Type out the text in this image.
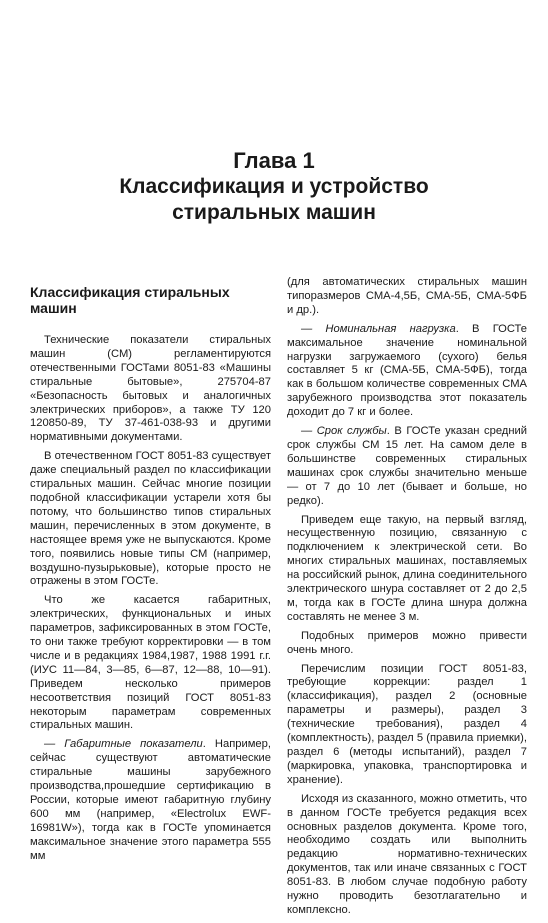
Глава 1
Классификация и устройство стиральных машин
Классификация стиральных машин

Технические показатели стиральных машин (СМ) регламентируются отечественными ГОСТами 8051-83 «Машины стиральные бытовые», 275704-87 «Безопасность бытовых и аналогичных электрических приборов», а также ТУ 120 120850-89, ТУ 37-461-038-93 и другими нормативными документами.

В отечественном ГОСТ 8051-83 существует даже специальный раздел по классификации стиральных машин. Сейчас многие позиции подобной классификации устарели хотя бы потому, что большинство типов стиральных машин, перечисленных в этом документе, в настоящее время уже не выпускаются. Кроме того, появились новые типы СМ (например, воздушно-пузырьковые), которые просто не отражены в этом ГОСТе.

Что же касается габаритных, электрических, функциональных и иных параметров, зафиксированных в этом ГОСТе, то они также требуют корректировки — в том числе и в редакциях 1984,1987, 1988 1991 г.г. (ИУС 11—84, 3—85, 6—87, 12—88, 10—91). Приведем несколько примеров несоответствия позиций ГОСТ 8051-83 некоторым параметрам современных стиральных машин.

— Габаритные показатели. Например, сейчас существуют автоматические стиральные машины зарубежного производства,прошедшие сертификацию в России, которые имеют габаритную глубину 600 мм (например, «Electrolux EWF-16981W»), тогда как в ГОСТе упоминается максимальное значение этого параметра 555 мм

(для автоматических стиральных машин типоразмеров СМА-4,5Б, СМА-5Б, СМА-5ФБ и др.).

— Номинальная нагрузка. В ГОСТе максимальное значение номинальной нагрузки загружаемого (сухого) белья составляет 5 кг (СМА-5Б, СМА-5ФБ), тогда как в большом количестве современных СМА зарубежного производства этот показатель доходит до 7 кг и более.

— Срок службы. В ГОСТе указан средний срок службы СМ 15 лет. На самом деле в большинстве современных стиральных машинах срок службы значительно меньше — от 7 до 10 лет (бывает и больше, но редко).

Приведем еще такую, на первый взгляд, несущественную позицию, связанную с подключением к электрической сети. Во многих стиральных машинах, поставляемых на российский рынок, длина соединительного электрического шнура составляет от 2 до 2,5 м, тогда как в ГОСТе длина шнура должна составлять не менее 3 м.

Подобных примеров можно привести очень много.

Перечислим позиции ГОСТ 8051-83, требующие коррекции: раздел 1 (классификация), раздел 2 (основные параметры и размеры), раздел 3 (технические требования), раздел 4 (комплектность), раздел 5 (правила приемки), раздел 6 (методы испытаний), раздел 7 (маркировка, упаковка, транспортировка и хранение).

Исходя из сказанного, можно отметить, что в данном ГОСТе требуется редакция всех основных разделов документа. Кроме того, необходимо создать или выполнить редакцию нормативно-технических документов, так или иначе связанных с ГОСТ 8051-83. В любом случае подобную работу нужно проводить безотлагательно и комплексно.
